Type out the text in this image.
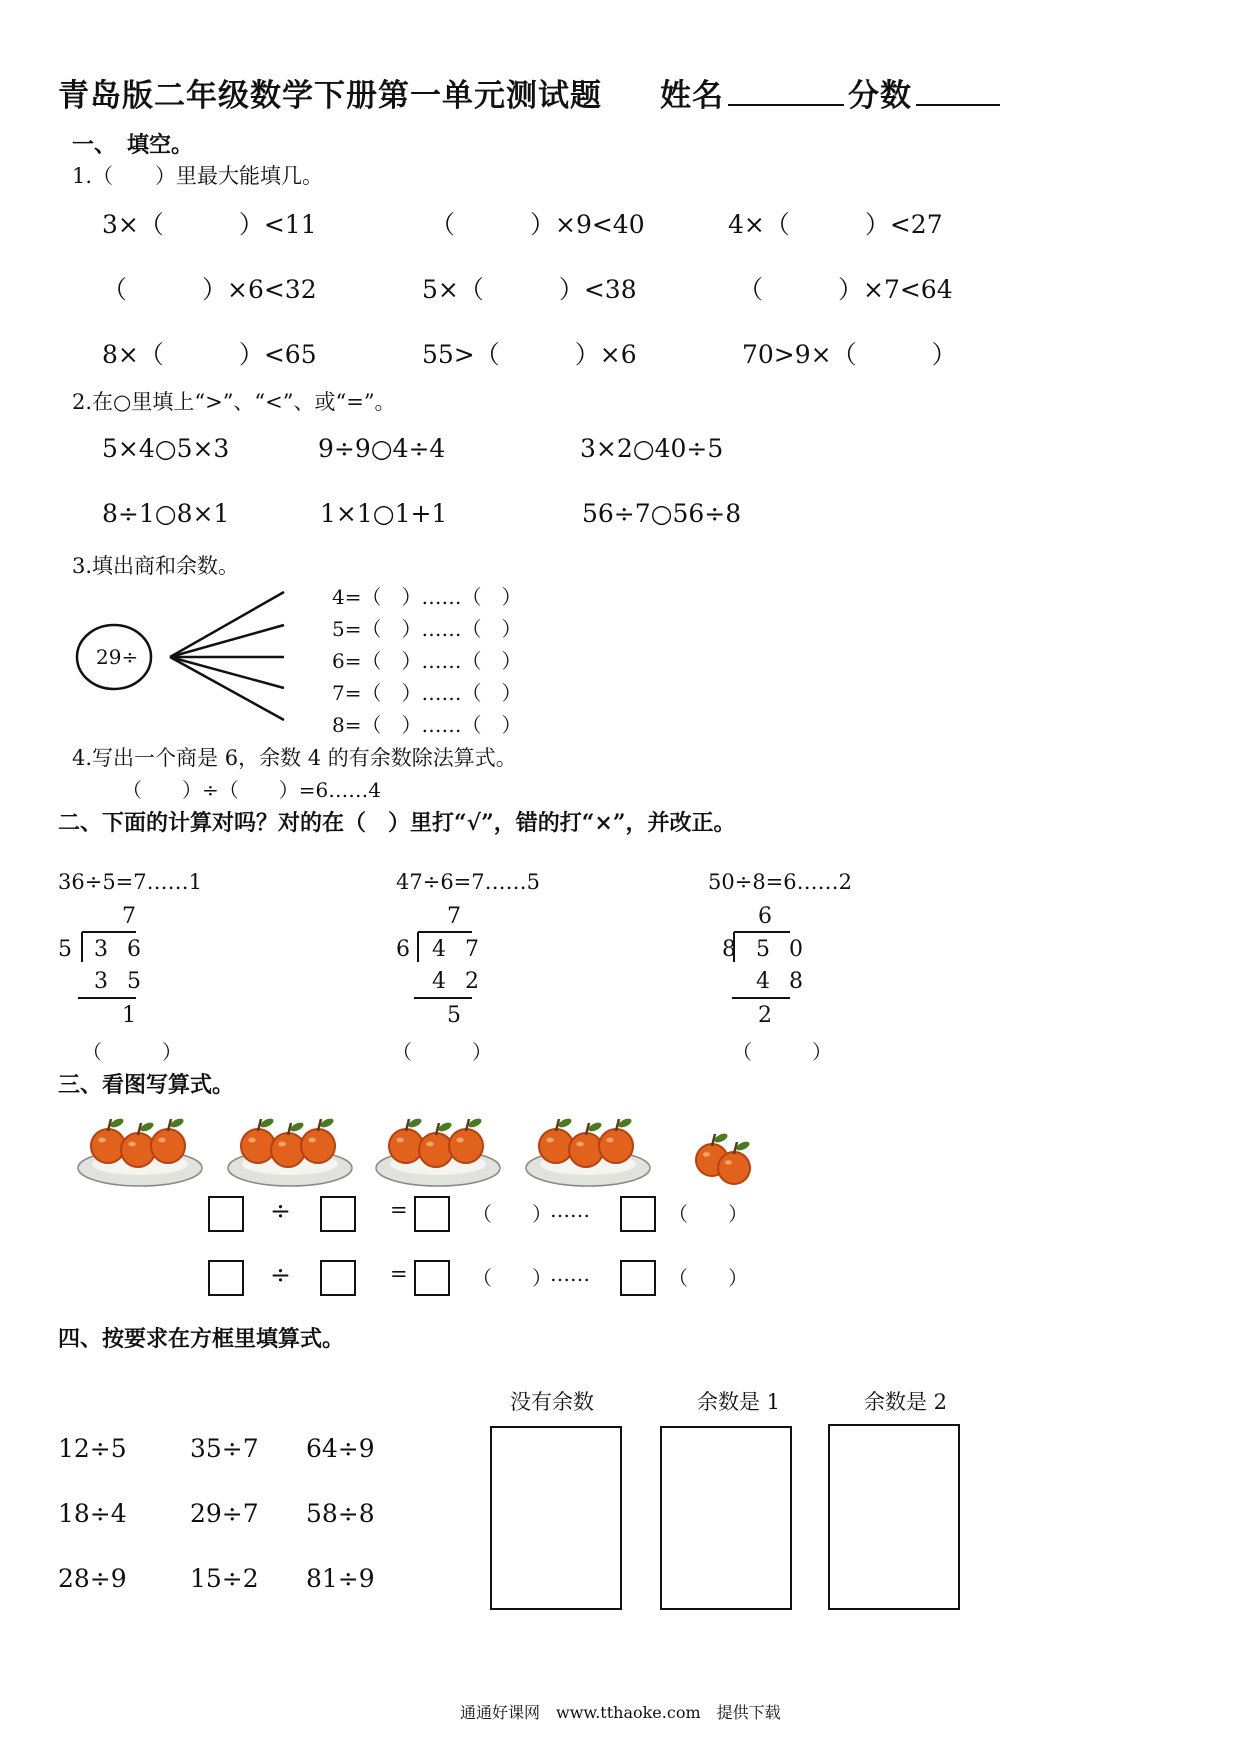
青岛版二年级数学下册第一单元测试题 姓名	分数
一、　填空。
1.（　　）里最大能填几。
3×（　　　）<11	（　　　）×9<40	4×（　　　）<27
（　　　）×6<32	5×（　　　）<38	（　　　）×7<64
8×（　　　）<65	55>（　　　）×6	70>9×（　　　）
2.在○里填上“>”、“<”、或“=”。
5×4○5×3	9÷9○4÷4	3×2○40÷5
8÷1○8×1	1×1○1+1	56÷7○56÷8
3.填出商和余数。
29÷
4=（　）……（　）
5=（　）……（　）
6=（　）……（　）
7=（　）……（　）
8=（　）……（　）
4.写出一个商是 6，余数 4 的有余数除法算式。
（　　）÷（　　）=6……4
二、下面的计算对吗？对的在（　）里打“√”，错的打“×”，并改正。
36÷5=7……1
7
5 3 6
3 5
1
（　　　）
47÷6=7……5
7
6 4 7
4 2
5
（　　　）
50÷8=6……2
6
8 5 0
4 8
2
（　　　）
三、看图写算式。
÷	=	（　　）
……	（　　）
÷	=	（　　）
……	（　　）
四、按要求在方框里填算式。
12÷5	35÷7 64÷9
18÷4	29÷7 58÷8
28÷9	15÷2 81÷9
没有余数	余数是 1	余数是 2
通通好课网　www.tthaoke.com　提供下载
